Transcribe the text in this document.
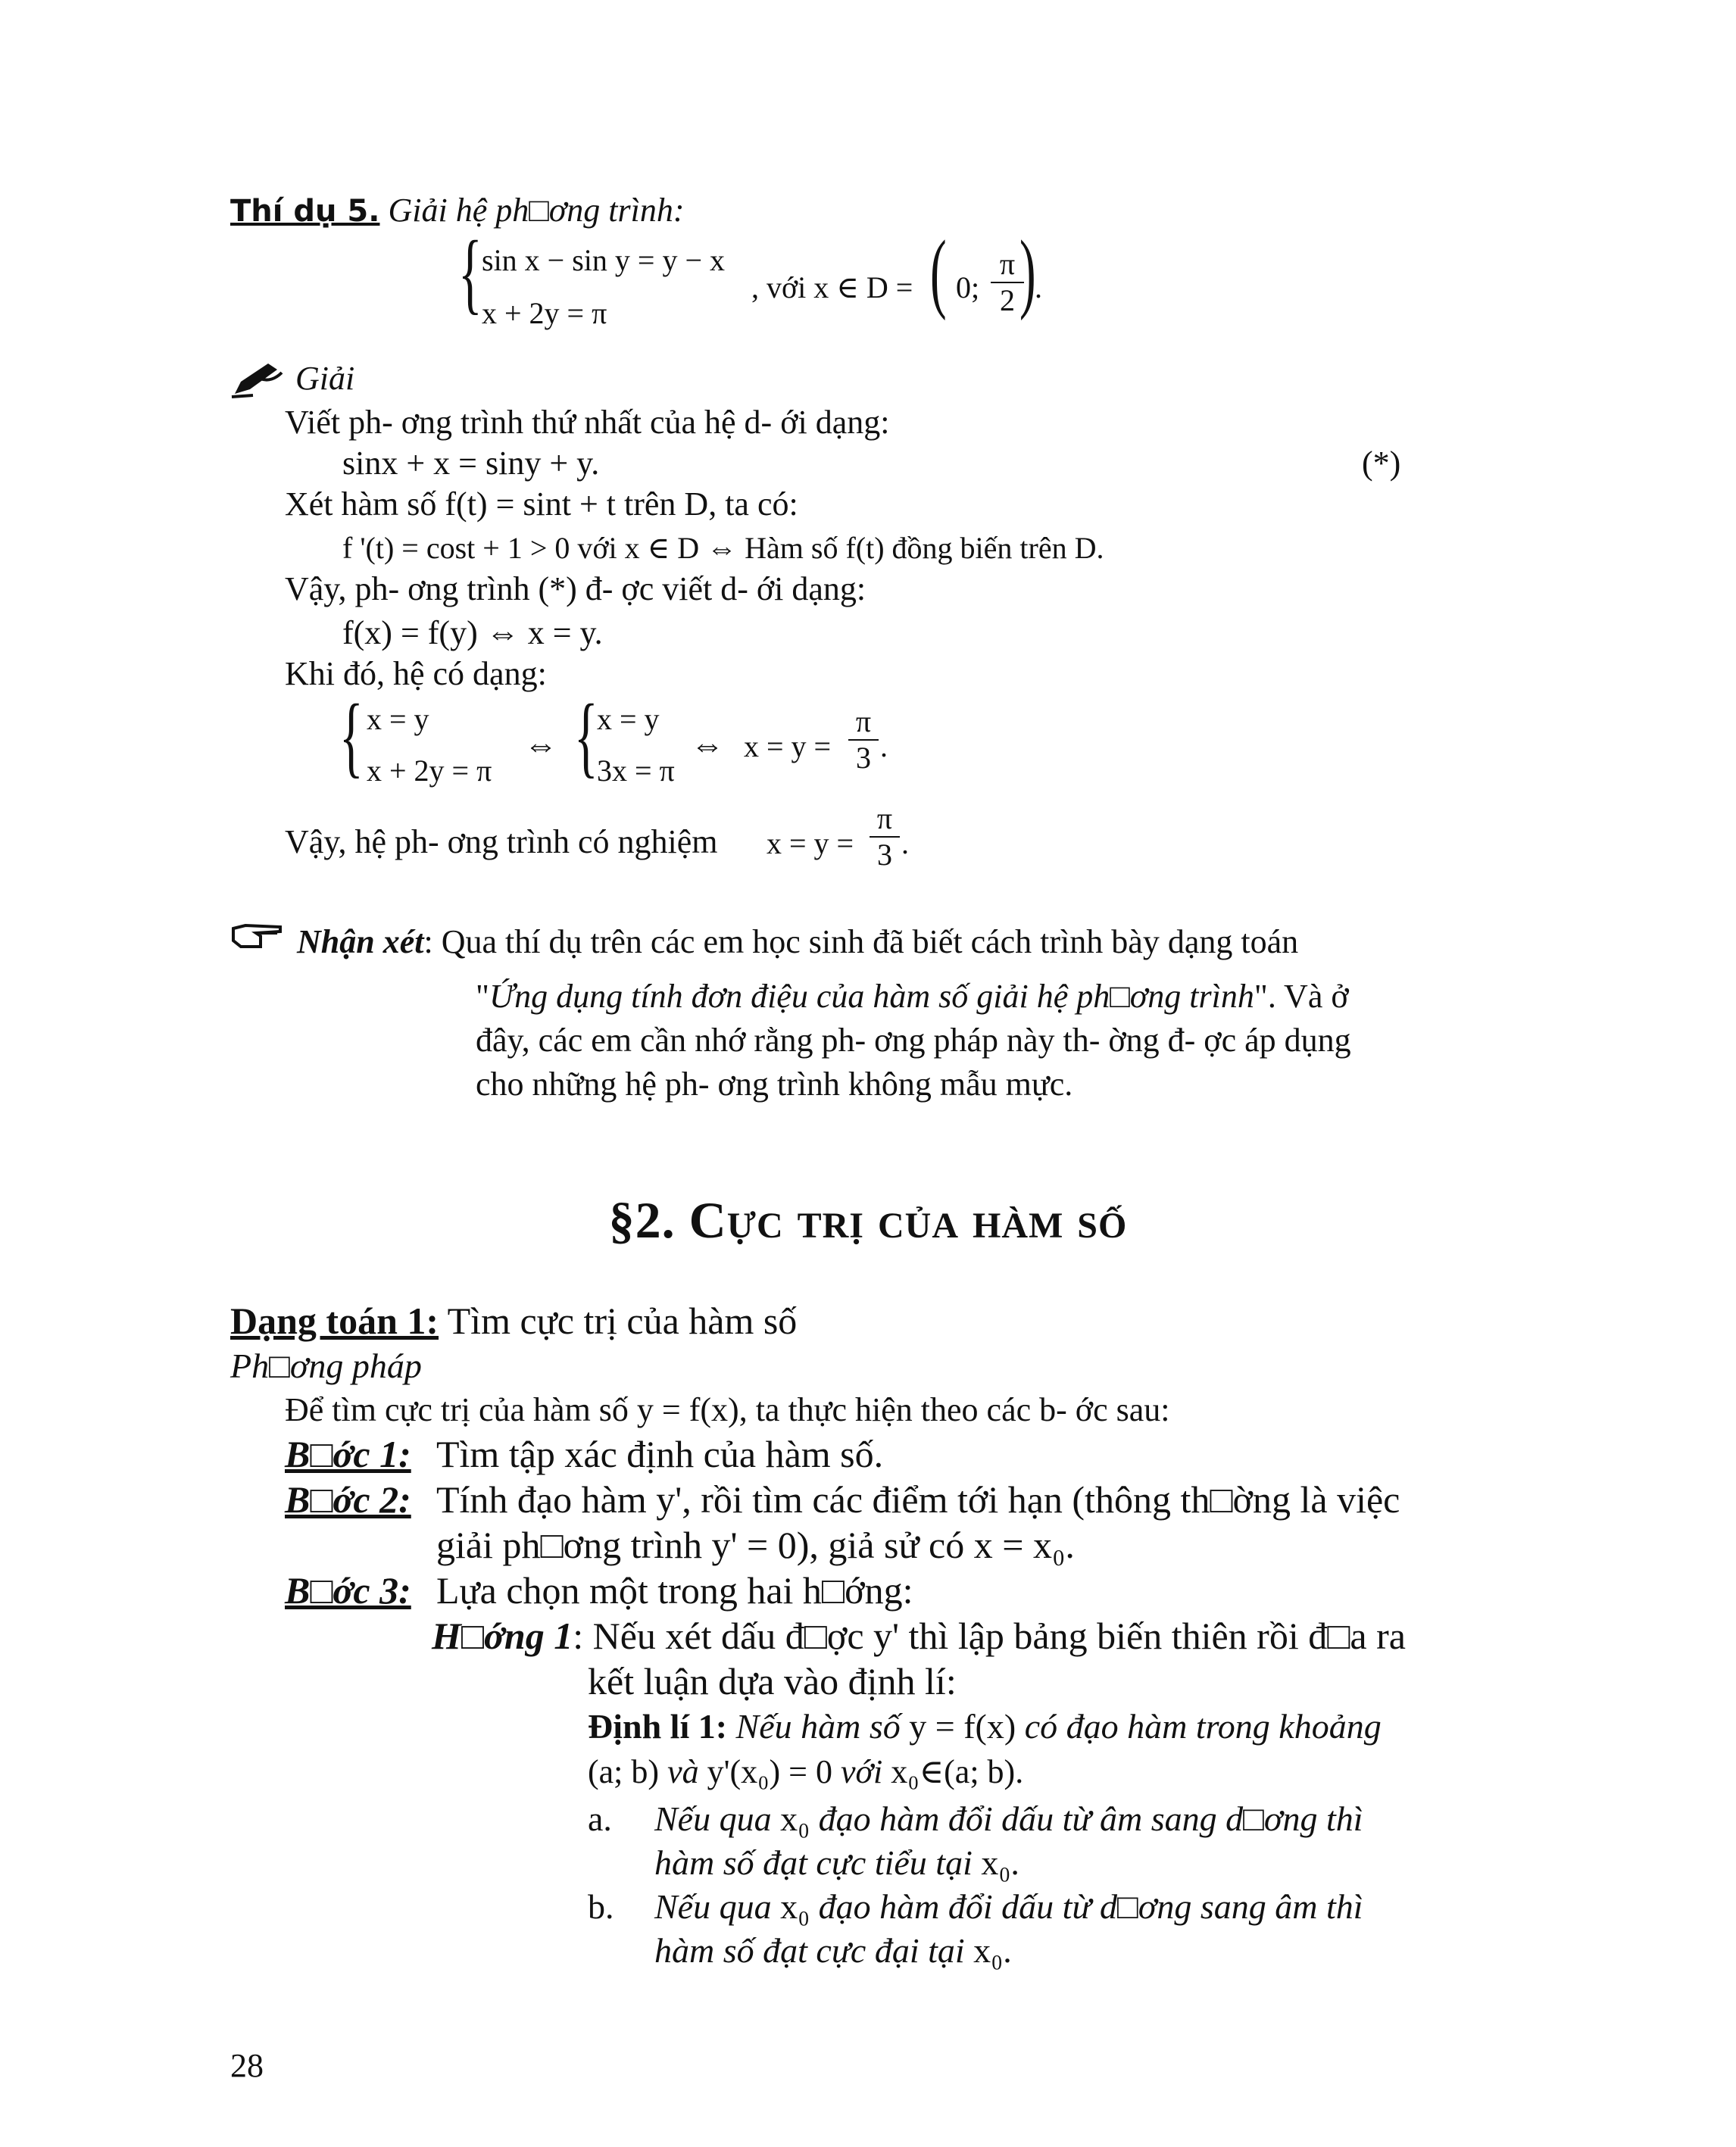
Thí dụ 5. Giải hệ ph□ơng trình:
{ sin x − sin y = y − x
x + 2y = π
, với x ∈ D = ( 0; $\frac{\pi}{2}$
)
.
Giải
Viết ph- ơng trình thứ nhất của hệ d- ới dạng:
sinx + x = siny + y.	(*)
Xét hàm số f(t) = sint + t trên D, ta có:
f '(t) = cost + 1 > 0 với x ∈ D ⇔ Hàm số f(t) đồng biến trên D.
Vậy, ph- ơng trình (*) đ- ợc viết d- ới dạng:
f(x) = f(y) ⇔ x = y.
Khi đó, hệ có dạng:
{ x = y
x + 2y = π
⇔ {
x = y
3x = π
⇔ $x = y = \frac{\pi}{3}$ .
Vậy, hệ ph- ơng trình có nghiệm $x = y = \frac{\pi}{3}$ .
Nhận xét: Qua thí dụ trên các em học sinh đã biết cách trình bày dạng toán
"Ứng dụng tính đơn điệu của hàm số giải hệ ph□ơng trình". Và ở
đây, các em cần nhớ rằng ph- ơng pháp này th- ờng đ- ợc áp dụng
cho những hệ ph- ơng trình không mẫu mực.
§2. Cực trị của hàm số
Dạng toán 1: Tìm cực trị của hàm số
Ph□ơng pháp
Để tìm cực trị của hàm số y = f(x), ta thực hiện theo các b- ớc sau:
B□ớc 1: Tìm tập xác định của hàm số.
B□ớc 2: Tính đạo hàm y', rồi tìm các điểm tới hạn (thông th□ờng là việc
giải ph□ơng trình y' = 0), giả sử có x = x₀.
B□ớc 3: Lựa chọn một trong hai h□ớng:
H□ớng 1: Nếu xét dấu đ□ợc y' thì lập bảng biến thiên rồi đ□a ra
kết luận dựa vào định lí:
Định lí 1: Nếu hàm số y = f(x) có đạo hàm trong khoảng
(a; b) và y'(x₀) = 0 với x₀∈(a; b).
a. Nếu qua x₀ đạo hàm đổi dấu từ âm sang d□ơng thì
hàm số đạt cực tiểu tại x₀.
b. Nếu qua x₀ đạo hàm đổi dấu từ d□ơng sang âm thì
hàm số đạt cực đại tại x₀.
28
